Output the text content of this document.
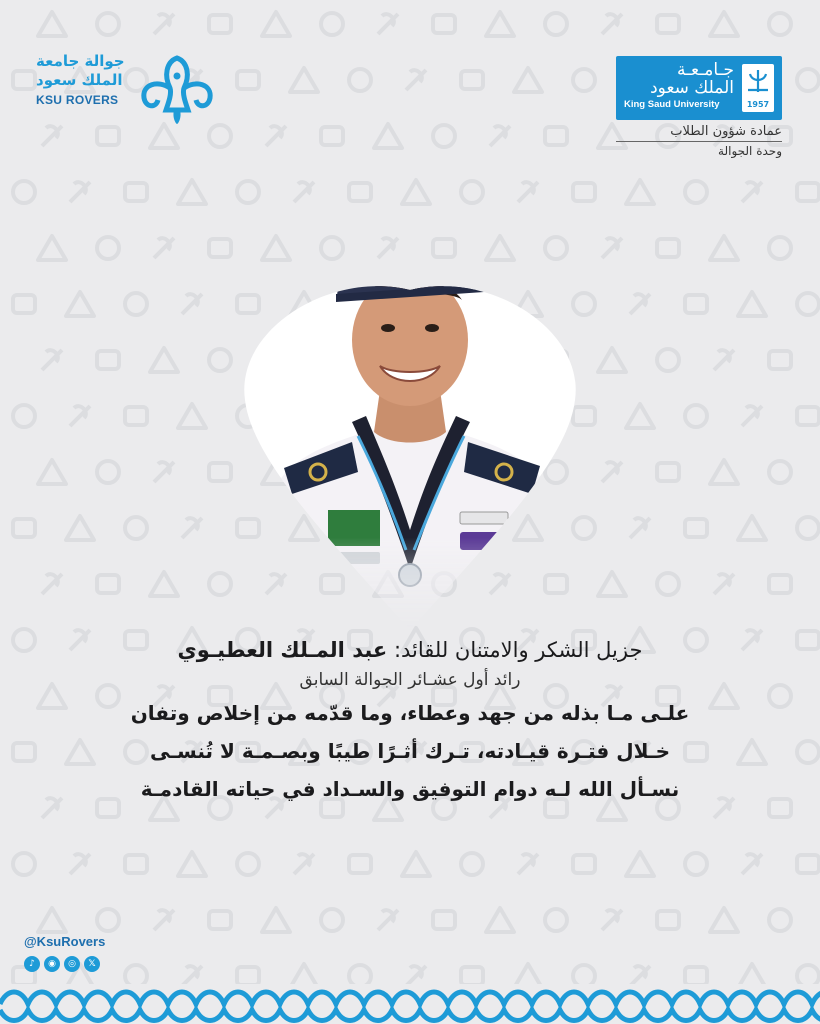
جوالة جامعة
الملك سعود
KSU ROVERS
جـامـعـة
الملك سعود
King Saud University	1957
عمادة شؤون الطلاب
وحدة الجوالة
جزيل الشكر والامتنان للقائد: عبد المـلك العطيـوي
رائد أول عشـائر الجوالة السابق
علـى مـا بذله من جهد وعطاء، وما قدّمه من إخلاص وتفان
خـلال فتـرة قيـادته، تـرك أثـرًا طيبًا وبصـمـة لا تُنسـى
نسـأل الله لـه دوام التوفيق والسـداد في حياته القادمـة
@KsuRovers
♪	◉	◎	𝕏
